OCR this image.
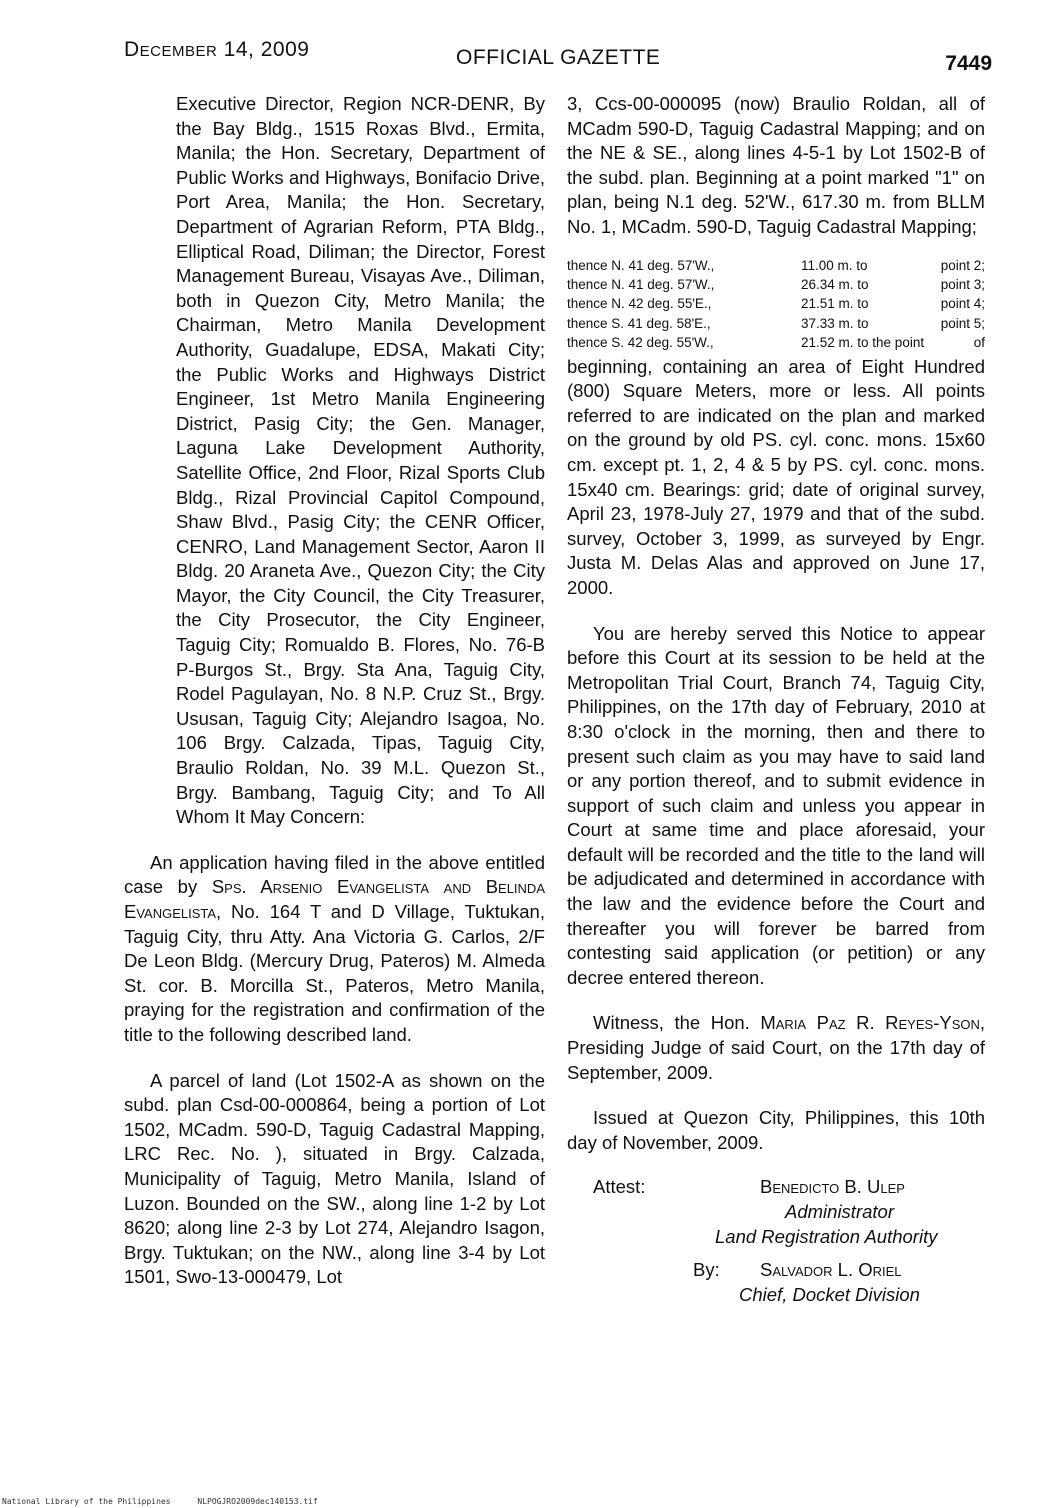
December 14, 2009	OFFICIAL GAZETTE	7449

Executive Director, Region NCR-DENR, By the Bay Bldg., 1515 Roxas Blvd., Ermita, Manila; the Hon. Secretary, Department of Public Works and Highways, Bonifacio Drive, Port Area, Manila; the Hon. Secretary, Department of Agrarian Reform, PTA Bldg., Elliptical Road, Diliman; the Director, Forest Management Bureau, Visayas Ave., Diliman, both in Quezon City, Metro Manila; the Chairman, Metro Manila Development Authority, Guadalupe, EDSA, Makati City; the Public Works and Highways District Engineer, 1st Metro Manila Engineering District, Pasig City; the Gen. Manager, Laguna Lake Development Authority, Satellite Office, 2nd Floor, Rizal Sports Club Bldg., Rizal Provincial Capitol Compound, Shaw Blvd., Pasig City; the CENR Officer, CENRO, Land Management Sector, Aaron II Bldg. 20 Araneta Ave., Quezon City; the City Mayor, the City Council, the City Treasurer, the City Prosecutor, the City Engineer, Taguig City; Romualdo B. Flores, No. 76-B P-Burgos St., Brgy. Sta Ana, Taguig City, Rodel Pagulayan, No. 8 N.P. Cruz St., Brgy. Ususan, Taguig City; Alejandro Isagoa, No. 106 Brgy. Calzada, Tipas, Taguig City, Braulio Roldan, No. 39 M.L. Quezon St., Brgy. Bambang, Taguig City; and To All Whom It May Concern:

An application having filed in the above entitled case by Sps. Arsenio Evangelista and Belinda Evangelista, No. 164 T and D Village, Tuktukan, Taguig City, thru Atty. Ana Victoria G. Carlos, 2/F De Leon Bldg. (Mercury Drug, Pateros) M. Almeda St. cor. B. Morcilla St., Pateros, Metro Manila, praying for the registration and confirmation of the title to the following described land.

A parcel of land (Lot 1502-A as shown on the subd. plan Csd-00-000864, being a portion of Lot 1502, MCadm. 590-D, Taguig Cadastral Mapping, LRC Rec. No. ), situated in Brgy. Calzada, Municipality of Taguig, Metro Manila, Island of Luzon. Bounded on the SW., along line 1-2 by Lot 8620; along line 2-3 by Lot 274, Alejandro Isagon, Brgy. Tuktukan; on the NW., along line 3-4 by Lot 1501, Swo-13-000479, Lot

3, Ccs-00-000095 (now) Braulio Roldan, all of MCadm 590-D, Taguig Cadastral Mapping; and on the NE & SE., along lines 4-5-1 by Lot 1502-B of the subd. plan. Beginning at a point marked "1" on plan, being N.1 deg. 52'W., 617.30 m. from BLLM No. 1, MCadm. 590-D, Taguig Cadastral Mapping;

thence N. 41 deg. 57'W.,	11.00 m. to	point 2;
thence N. 41 deg. 57'W.,	26.34 m. to	point 3;
thence N. 42 deg. 55'E.,	21.51 m. to	point 4;
thence S. 41 deg. 58'E.,	37.33 m. to	point 5;
thence S. 42 deg. 55'W.,	21.52 m. to the point	of

beginning, containing an area of Eight Hundred (800) Square Meters, more or less. All points referred to are indicated on the plan and marked on the ground by old PS. cyl. conc. mons. 15x60 cm. except pt. 1, 2, 4 & 5 by PS. cyl. conc. mons. 15x40 cm. Bearings: grid; date of original survey, April 23, 1978-July 27, 1979 and that of the subd. survey, October 3, 1999, as surveyed by Engr. Justa M. Delas Alas and approved on June 17, 2000.

You are hereby served this Notice to appear before this Court at its session to be held at the Metropolitan Trial Court, Branch 74, Taguig City, Philippines, on the 17th day of February, 2010 at 8:30 o'clock in the morning, then and there to present such claim as you may have to said land or any portion thereof, and to submit evidence in support of such claim and unless you appear in Court at same time and place aforesaid, your default will be recorded and the title to the land will be adjudicated and determined in accordance with the law and the evidence before the Court and thereafter you will forever be barred from contesting said application (or petition) or any decree entered thereon.

Witness, the Hon. Maria Paz R. Reyes-Yson, Presiding Judge of said Court, on the 17th day of September, 2009.

Issued at Quezon City, Philippines, this 10th day of November, 2009.

Attest:	Benedicto B. Ulep
Administrator
Land Registration Authority
By: Salvador L. Oriel
Chief, Docket Division
National Library of the Philippines	NLPOGJRO2009dec140153.tif
